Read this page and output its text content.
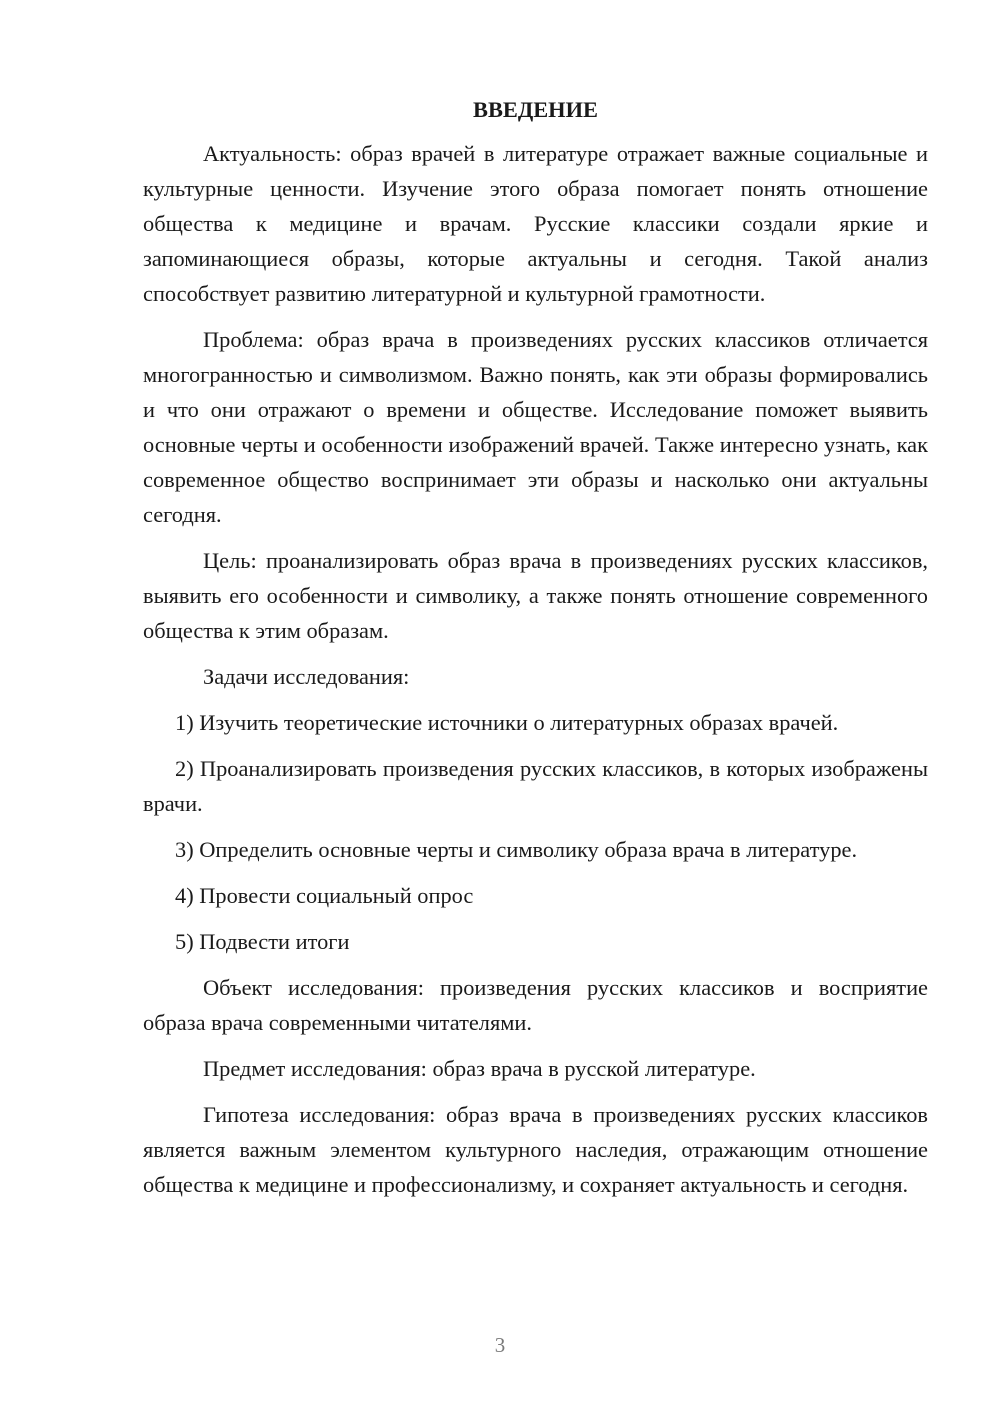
ВВЕДЕНИЕ

Актуальность: образ врачей в литературе отражает важные социальные и культурные ценности. Изучение этого образа помогает понять отношение общества к медицине и врачам. Русские классики создали яркие и запоминающиеся образы, которые актуальны и сегодня. Такой анализ способствует развитию литературной и культурной грамотности.

Проблема: образ врача в произведениях русских классиков отличается многогранностью и символизмом. Важно понять, как эти образы формировались и что они отражают о времени и обществе. Исследование поможет выявить основные черты и особенности изображений врачей. Также интересно узнать, как современное общество воспринимает эти образы и насколько они актуальны сегодня.

Цель: проанализировать образ врача в произведениях русских классиков, выявить его особенности и символику, а также понять отношение современного общества к этим образам.

Задачи исследования:

1) Изучить теоретические источники о литературных образах врачей.

2) Проанализировать произведения русских классиков, в которых изображены врачи.

3) Определить основные черты и символику образа врача в литературе.

4) Провести социальный опрос

5) Подвести итоги

Объект исследования: произведения русских классиков и восприятие образа врача современными читателями.

Предмет исследования: образ врача в русской литературе.

Гипотеза исследования: образ врача в произведениях русских классиков является важным элементом культурного наследия, отражающим отношение общества к медицине и профессионализму, и сохраняет актуальность и сегодня.

3
